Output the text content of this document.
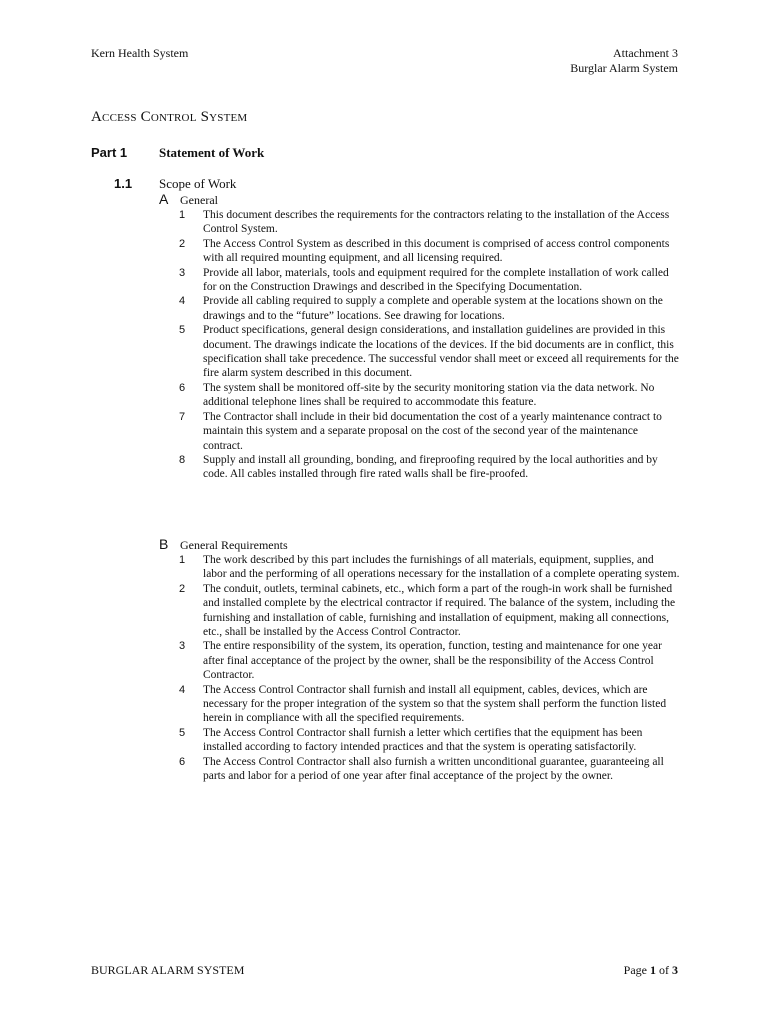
Kern Health System	Attachment 3
Burglar Alarm System
Access Control System
Part 1 Statement of Work
1.1 Scope of Work
A General
1	This document describes the requirements for the contractors relating to the installation of the Access Control System.
2	The Access Control System as described in this document is comprised of access control components with all required mounting equipment, and all licensing required.
3	Provide all labor, materials, tools and equipment required for the complete installation of work called for on the Construction Drawings and described in the Specifying Documentation.
4	Provide all cabling required to supply a complete and operable system at the locations shown on the drawings and to the “future” locations. See drawing for locations.
5	Product specifications, general design considerations, and installation guidelines are provided in this document. The drawings indicate the locations of the devices. If the bid documents are in conflict, this specification shall take precedence. The successful vendor shall meet or exceed all requirements for the fire alarm system described in this document.
6	The system shall be monitored off-site by the security monitoring station via the data network. No additional telephone lines shall be required to accommodate this feature.
7	The Contractor shall include in their bid documentation the cost of a yearly maintenance contract to maintain this system and a separate proposal on the cost of the second year of the maintenance contract.
8	Supply and install all grounding, bonding, and fireproofing required by the local authorities and by code. All cables installed through fire rated walls shall be fire-proofed.
B General Requirements
1	The work described by this part includes the furnishings of all materials, equipment, supplies, and labor and the performing of all operations necessary for the installation of a complete operating system.
2	The conduit, outlets, terminal cabinets, etc., which form a part of the rough-in work shall be furnished and installed complete by the electrical contractor if required. The balance of the system, including the furnishing and installation of cable, furnishing and installation of equipment, making all connections, etc., shall be installed by the Access Control Contractor.
3	The entire responsibility of the system, its operation, function, testing and maintenance for one year after final acceptance of the project by the owner, shall be the responsibility of the Access Control Contractor.
4	The Access Control Contractor shall furnish and install all equipment, cables, devices, which are necessary for the proper integration of the system so that the system shall perform the function listed herein in compliance with all the specified requirements.
5	The Access Control Contractor shall furnish a letter which certifies that the equipment has been installed according to factory intended practices and that the system is operating satisfactorily.
6	The Access Control Contractor shall also furnish a written unconditional guarantee, guaranteeing all parts and labor for a period of one year after final acceptance of the project by the owner.
BURGLAR ALARM SYSTEM	Page 1 of 3
